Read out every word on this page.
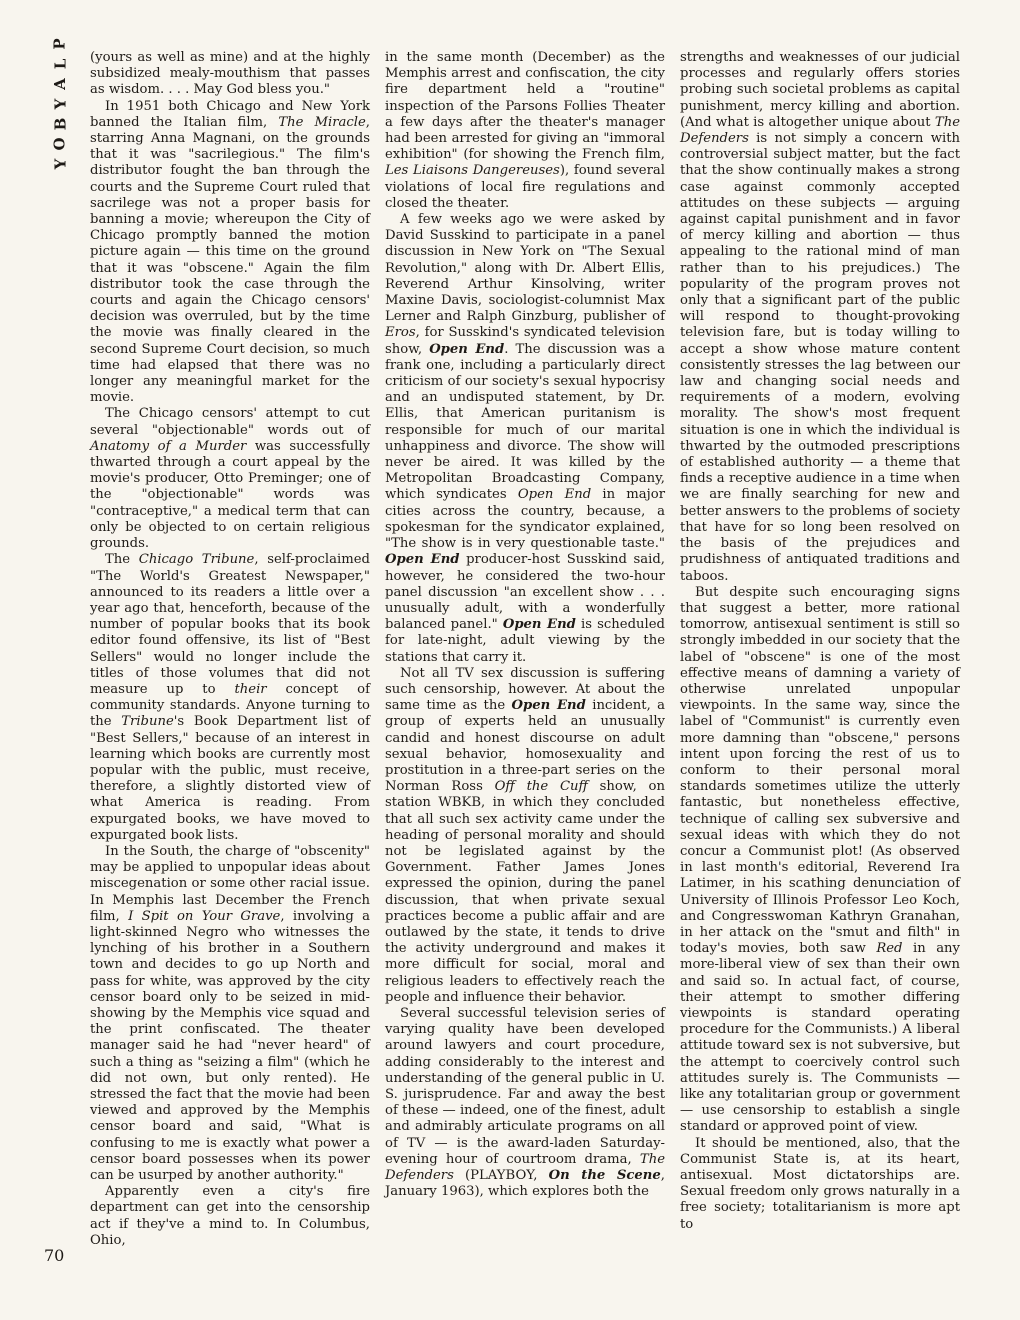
P
L
A
Y
B
O
Y

(yours as well as mine) and at the highly subsidized mealy-mouthism that passes as wisdom. . . . May God bless you."

In 1951 both Chicago and New York banned the Italian film, The Miracle, starring Anna Magnani, on the grounds that it was "sacrilegious." The film's distributor fought the ban through the courts and the Supreme Court ruled that sacrilege was not a proper basis for banning a movie; whereupon the City of Chicago promptly banned the motion picture again — this time on the ground that it was "obscene." Again the film distributor took the case through the courts and again the Chicago censors' decision was overruled, but by the time the movie was finally cleared in the second Supreme Court decision, so much time had elapsed that there was no longer any meaningful market for the movie.

The Chicago censors' attempt to cut several "objectionable" words out of Anatomy of a Murder was successfully thwarted through a court appeal by the movie's producer, Otto Preminger; one of the "objectionable" words was "contraceptive," a medical term that can only be objected to on certain religious grounds.

The Chicago Tribune, self-proclaimed "The World's Greatest Newspaper," announced to its readers a little over a year ago that, henceforth, because of the number of popular books that its book editor found offensive, its list of "Best Sellers" would no longer include the titles of those volumes that did not measure up to their concept of community standards. Anyone turning to the Tribune's Book Department list of "Best Sellers," because of an interest in learning which books are currently most popular with the public, must receive, therefore, a slightly distorted view of what America is reading. From expurgated books, we have moved to expurgated book lists.

In the South, the charge of "obscenity" may be applied to unpopular ideas about miscegenation or some other racial issue. In Memphis last December the French film, I Spit on Your Grave, involving a light-skinned Negro who witnesses the lynching of his brother in a Southern town and decides to go up North and pass for white, was approved by the city censor board only to be seized in mid-showing by the Memphis vice squad and the print confiscated. The theater manager said he had "never heard" of such a thing as "seizing a film" (which he did not own, but only rented). He stressed the fact that the movie had been viewed and approved by the Memphis censor board and said, "What is confusing to me is exactly what power a censor board possesses when its power can be usurped by another authority."

Apparently even a city's fire department can get into the censorship act if they've a mind to. In Columbus, Ohio,

in the same month (December) as the Memphis arrest and confiscation, the city fire department held a "routine" inspection of the Parsons Follies Theater a few days after the theater's manager had been arrested for giving an "immoral exhibition" (for showing the French film, Les Liaisons Dangereuses), found several violations of local fire regulations and closed the theater.

A few weeks ago we were asked by David Susskind to participate in a panel discussion in New York on "The Sexual Revolution," along with Dr. Albert Ellis, Reverend Arthur Kinsolving, writer Maxine Davis, sociologist-columnist Max Lerner and Ralph Ginzburg, publisher of Eros, for Susskind's syndicated television show, Open End. The discussion was a frank one, including a particularly direct criticism of our society's sexual hypocrisy and an undisputed statement, by Dr. Ellis, that American puritanism is responsible for much of our marital unhappiness and divorce. The show will never be aired. It was killed by the Metropolitan Broadcasting Company, which syndicates Open End in major cities across the country, because, a spokesman for the syndicator explained, "The show is in very questionable taste." Open End producer-host Susskind said, however, he considered the two-hour panel discussion "an excellent show . . . unusually adult, with a wonderfully balanced panel." Open End is scheduled for late-night, adult viewing by the stations that carry it.

Not all TV sex discussion is suffering such censorship, however. At about the same time as the Open End incident, a group of experts held an unusually candid and honest discourse on adult sexual behavior, homosexuality and prostitution in a three-part series on the Norman Ross Off the Cuff show, on station WBKB, in which they concluded that all such sex activity came under the heading of personal morality and should not be legislated against by the Government. Father James Jones expressed the opinion, during the panel discussion, that when private sexual practices become a public affair and are outlawed by the state, it tends to drive the activity underground and makes it more difficult for social, moral and religious leaders to effectively reach the people and influence their behavior.

Several successful television series of varying quality have been developed around lawyers and court procedure, adding considerably to the interest and understanding of the general public in U. S. jurisprudence. Far and away the best of these — indeed, one of the finest, adult and admirably articulate programs on all of TV — is the award-laden Saturday-evening hour of courtroom drama, The Defenders (PLAYBOY, On the Scene, January 1963), which explores both the

strengths and weaknesses of our judicial processes and regularly offers stories probing such societal problems as capital punishment, mercy killing and abortion. (And what is altogether unique about The Defenders is not simply a concern with controversial subject matter, but the fact that the show continually makes a strong case against commonly accepted attitudes on these subjects — arguing against capital punishment and in favor of mercy killing and abortion — thus appealing to the rational mind of man rather than to his prejudices.) The popularity of the program proves not only that a significant part of the public will respond to thought-provoking television fare, but is today willing to accept a show whose mature content consistently stresses the lag between our law and changing social needs and requirements of a modern, evolving morality. The show's most frequent situation is one in which the individual is thwarted by the outmoded prescriptions of established authority — a theme that finds a receptive audience in a time when we are finally searching for new and better answers to the problems of society that have for so long been resolved on the basis of the prejudices and prudishness of antiquated traditions and taboos.

But despite such encouraging signs that suggest a better, more rational tomorrow, antisexual sentiment is still so strongly imbedded in our society that the label of "obscene" is one of the most effective means of damning a variety of otherwise unrelated unpopular viewpoints. In the same way, since the label of "Communist" is currently even more damning than "obscene," persons intent upon forcing the rest of us to conform to their personal moral standards sometimes utilize the utterly fantastic, but nonetheless effective, technique of calling sex subversive and sexual ideas with which they do not concur a Communist plot! (As observed in last month's editorial, Reverend Ira Latimer, in his scathing denunciation of University of Illinois Professor Leo Koch, and Congresswoman Kathryn Granahan, in her attack on the "smut and filth" in today's movies, both saw Red in any more-liberal view of sex than their own and said so. In actual fact, of course, their attempt to smother differing viewpoints is standard operating procedure for the Communists.) A liberal attitude toward sex is not subversive, but the attempt to coercively control such attitudes surely is. The Communists — like any totalitarian group or government — use censorship to establish a single standard or approved point of view.

It should be mentioned, also, that the Communist State is, at its heart, antisexual. Most dictatorships are. Sexual freedom only grows naturally in a free society; totalitarianism is more apt to

70
